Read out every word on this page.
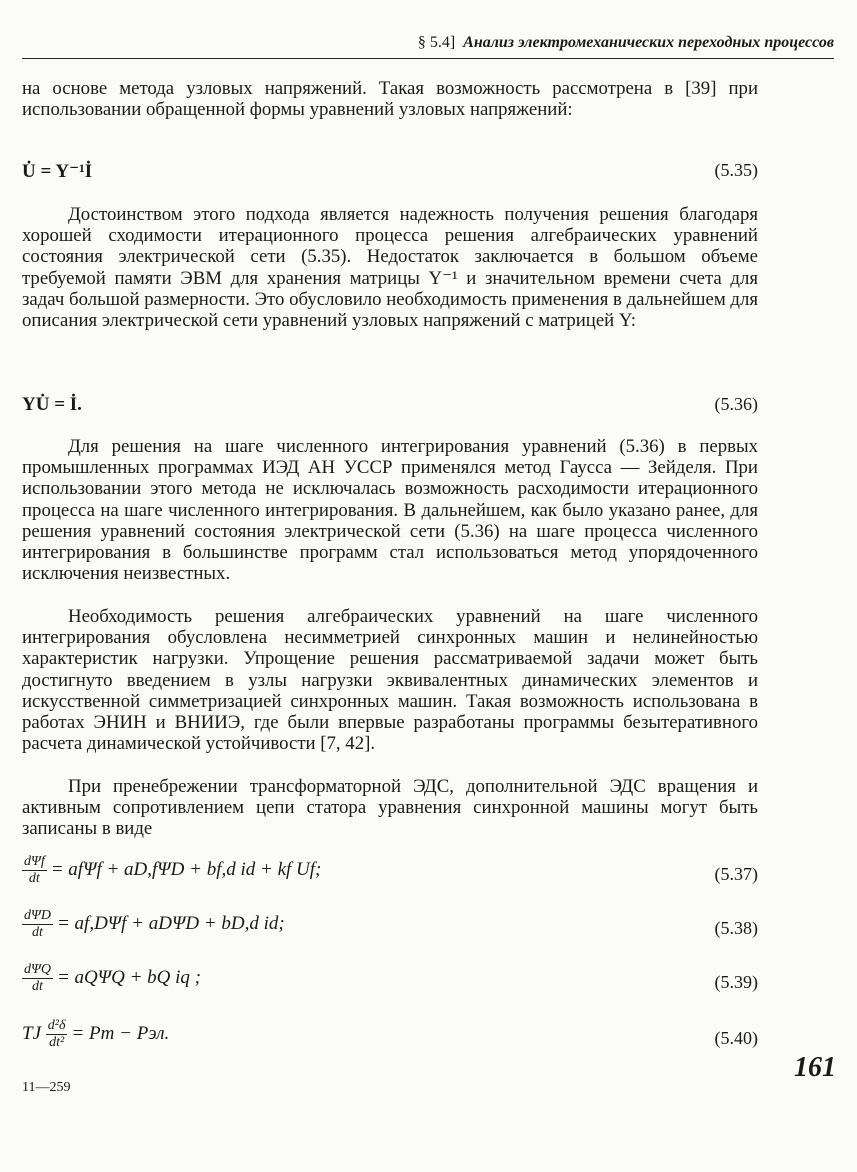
§ 5.4] Анализ электромеханических переходных процессов

на основе метода узловых напряжений. Такая возможность рассмотрена в [39] при использовании обращенной формы уравнений узловых напряжений:

U̇ = Y⁻¹İ	(5.35)

Достоинством этого подхода является надежность получения решения благодаря хорошей сходимости итерационного процесса решения алгебраических уравнений состояния электрической сети (5.35). Недостаток заключается в большом объеме требуемой памяти ЭВМ для хранения матрицы Y⁻¹ и значительном времени счета для задач большой размерности. Это обусловило необходимость применения в дальнейшем для описания электрической сети уравнений узловых напряжений с матрицей Y:

YU̇ = İ.	(5.36)

Для решения на шаге численного интегрирования уравнений (5.36) в первых промышленных программах ИЭД АН УССР применялся метод Гаусса — Зейделя. При использовании этого метода не исключалась возможность расходимости итерационного процесса на шаге численного интегрирования. В дальнейшем, как было указано ранее, для решения уравнений состояния электрической сети (5.36) на шаге процесса численного интегрирования в большинстве программ стал использоваться метод упорядоченного исключения неизвестных.

Необходимость решения алгебраических уравнений на шаге численного интегрирования обусловлена несимметрией синхронных машин и нелинейностью характеристик нагрузки. Упрощение решения рассматриваемой задачи может быть достигнуто введением в узлы нагрузки эквивалентных динамических элементов и искусственной симметризацией синхронных машин. Такая возможность использована в работах ЭНИН и ВНИИЭ, где были впервые разработаны программы безытеративного расчета динамической устойчивости [7, 42].

При пренебрежении трансформаторной ЭДС, дополнительной ЭДС вращения и активным сопротивлением цепи статора уравнения синхронной машины могут быть записаны в виде

$\frac{\text{dΨf}}{dt} = af\Psi f + aD,f\Psi D + bf,d$ id + kf Uf;	(5.37)
$\frac{\text{dΨD}}{dt} = af,D\Psi f + aD\Psi D + bD,d$ id;	(5.38)
$\frac{\text{dΨQ}}{dt} = aQ\Psi Q$ + bQ iq ;	(5.39)
TJ $\frac{\text{d²δ}}{\text{dt²}}$ = Pт − Pэл.	(5.40)
161
11—259
